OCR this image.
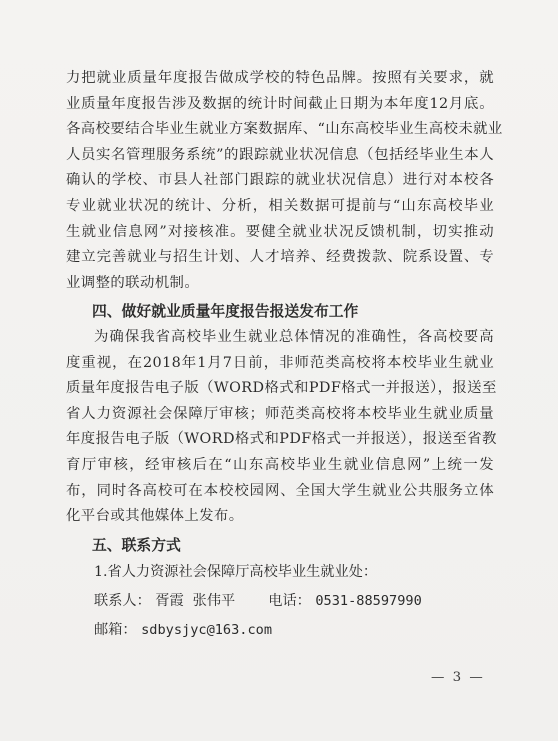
力把就业质量年度报告做成学校的特色品牌。按照有关要求，就
业质量年度报告涉及数据的统计时间截止日期为本年度12月底。
各高校要结合毕业生就业方案数据库、“山东高校毕业生高校未就业
人员实名管理服务系统”的跟踪就业状况信息（包括经毕业生本人
确认的学校、市县人社部门跟踪的就业状况信息）进行对本校各
专业就业状况的统计、分析，相关数据可提前与“山东高校毕业
生就业信息网”对接核准。要健全就业状况反馈机制，切实推动
建立完善就业与招生计划、人才培养、经费拨款、院系设置、专
业调整的联动机制。
四、做好就业质量年度报告报送发布工作
为确保我省高校毕业生就业总体情况的准确性，各高校要高
度重视，在2018年1月7日前，非师范类高校将本校毕业生就业
质量年度报告电子版（WORD格式和PDF格式一并报送），报送至
省人力资源社会保障厅审核；师范类高校将本校毕业生就业质量
年度报告电子版（WORD格式和PDF格式一并报送），报送至省教
育厅审核，经审核后在“山东高校毕业生就业信息网”上统一发
布，同时各高校可在本校校园网、全国大学生就业公共服务立体
化平台或其他媒体上发布。
五、联系方式
1.省人力资源社会保障厅高校毕业生就业处：
联系人： 胥霞  张伟平 电话： 0531-88597990
邮箱： sdbysjyc@163.com
— 3 —
